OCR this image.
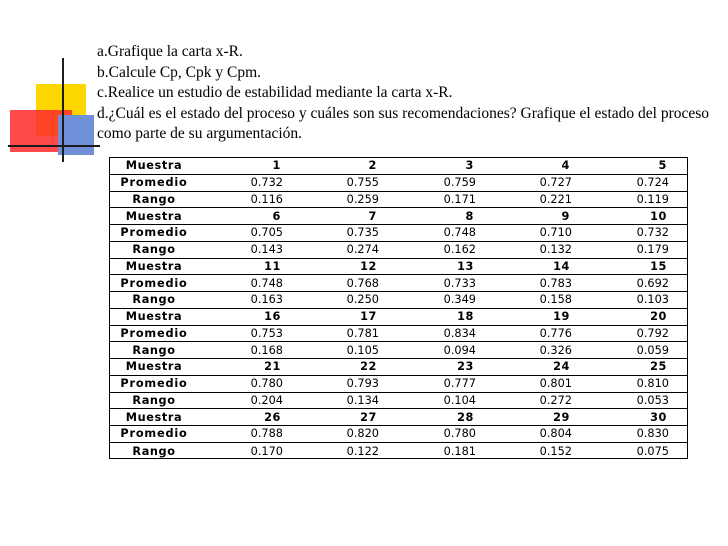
a.Grafique la carta x-R.

b.Calcule Cp, Cpk y Cpm.

c.Realice un estudio de estabilidad mediante la carta x-R.

d.¿Cuál es el estado del proceso y cuáles son sus recomendaciones? Grafique el estado del proceso como parte de su argumentación.

Muestra	1	2	3	4	5
Promedio	0.732	0.755	0.759	0.727	0.724
Rango	0.116	0.259	0.171	0.221	0.119
Muestra	6	7	8	9	10
Promedio	0.705	0.735	0.748	0.710	0.732
Rango	0.143	0.274	0.162	0.132	0.179
Muestra	11	12	13	14	15
Promedio	0.748	0.768	0.733	0.783	0.692
Rango	0.163	0.250	0.349	0.158	0.103
Muestra	16	17	18	19	20
Promedio	0.753	0.781	0.834	0.776	0.792
Rango	0.168	0.105	0.094	0.326	0.059
Muestra	21	22	23	24	25
Promedio	0.780	0.793	0.777	0.801	0.810
Rango	0.204	0.134	0.104	0.272	0.053
Muestra	26	27	28	29	30
Promedio	0.788	0.820	0.780	0.804	0.830
Rango	0.170	0.122	0.181	0.152	0.075
